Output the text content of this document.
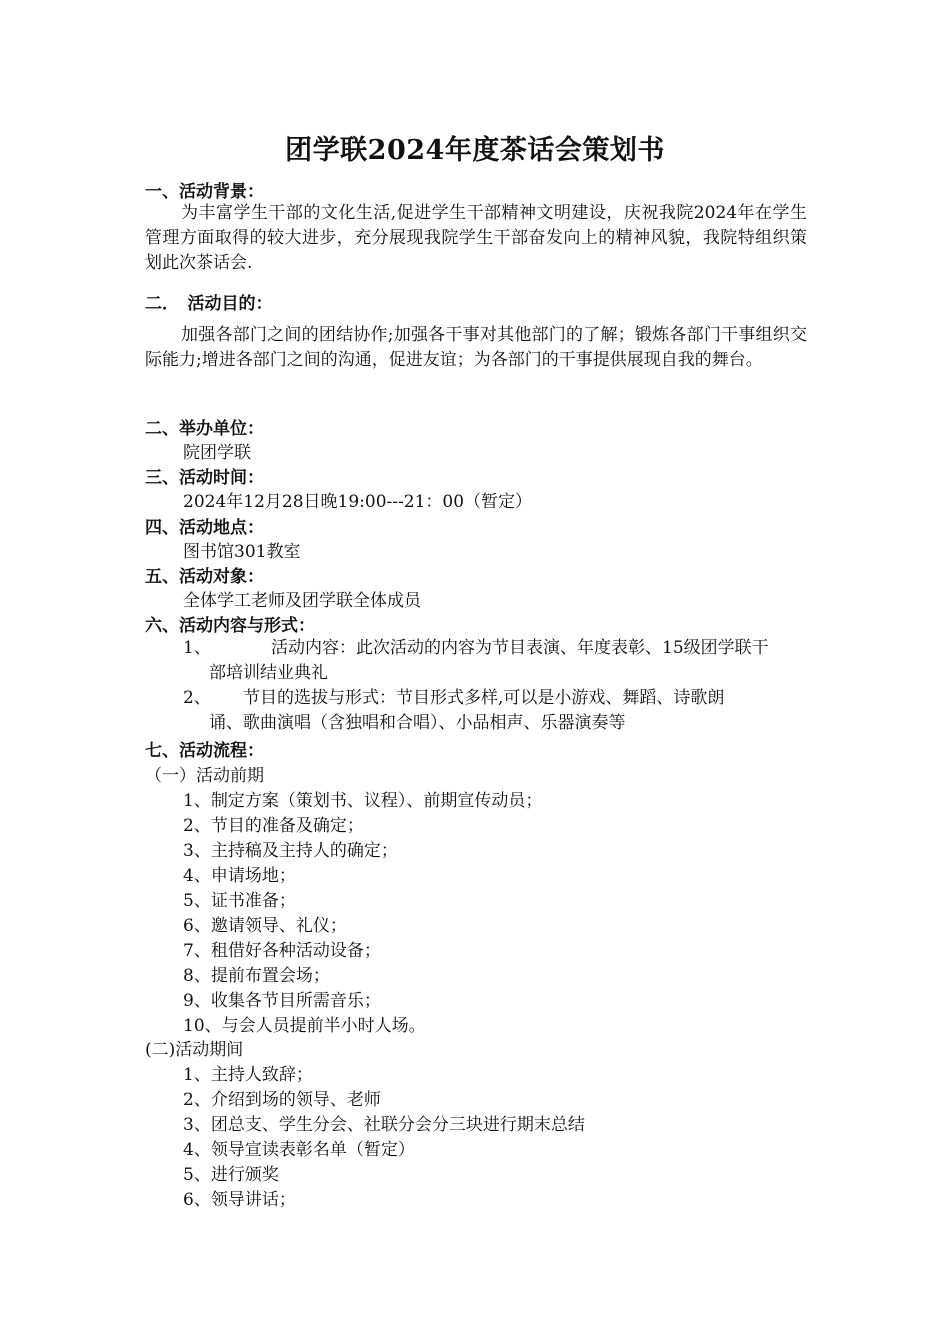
团学联2024年度茶话会策划书
一、活动背景：
为丰富学生干部的文化生活,促进学生干部精神文明建设，庆祝我院2024年在学生管理方面取得的较大进步，充分展现我院学生干部奋发向上的精神风貌，我院特组织策划此次茶话会.
二．　活动目的：
加强各部门之间的团结协作;加强各干事对其他部门的了解；锻炼各部门干事组织交际能力;增进各部门之间的沟通，促进友谊；为各部门的干事提供展现自我的舞台。
二、举办单位：
院团学联
三、活动时间：
2024年12月28日晚19:00---21：00（暂定）
四、活动地点：
图书馆301教室
五、活动对象：
全体学工老师及团学联全体成员
六、活动内容与形式：
1、	活动内容：此次活动的内容为节目表演、年度表彰、15级团学联干
部培训结业典礼
2、 节目的选拔与形式：节目形式多样,可以是小游戏、舞蹈、诗歌朗
诵、歌曲演唱（含独唱和合唱）、小品相声、乐器演奏等
七、活动流程：
（一）活动前期
1、制定方案（策划书、议程）、前期宣传动员；
2、节目的准备及确定；
3、主持稿及主持人的确定；
4、申请场地；
5、证书准备；
6、邀请领导、礼仪；
7、租借好各种活动设备；
8、提前布置会场；
9、收集各节目所需音乐；
10、与会人员提前半小时人场。
(二)活动期间
1、主持人致辞；
2、介绍到场的领导、老师
3、团总支、学生分会、社联分会分三块进行期末总结
4、领导宣读表彰名单（暂定）
5、进行颁奖
6、领导讲话；
